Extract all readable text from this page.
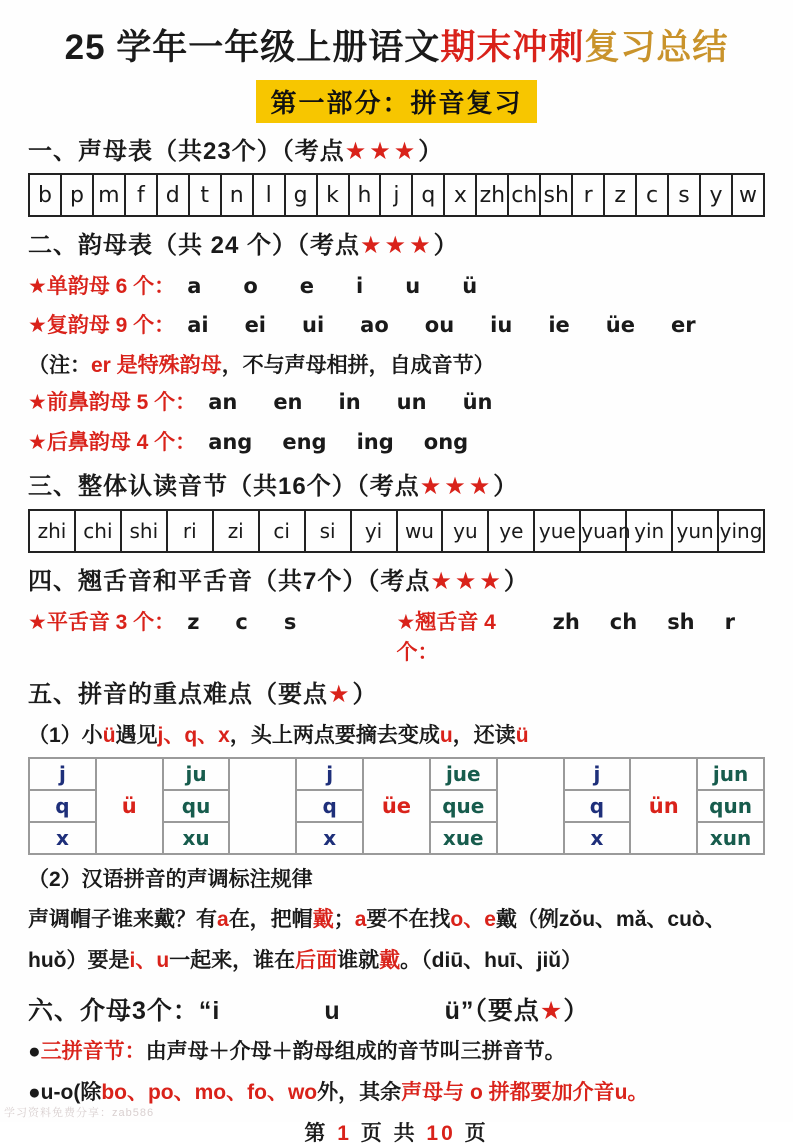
25 学年一年级上册语文期末冲刺复习总结
第一部分：拼音复习
一、声母表（共23个）（考点★★★）
b	p	m	f	d	t	n	l	g	k	h	j	q	x	zh	ch	sh	r	z	c	s	y	w
二、韵母表（共 24 个）（考点★★★）
★单韵母 6 个： a o e i u ü
★复韵母 9 个： ai ei ui ao ou iu ie üe er
（注：er 是特殊韵母，不与声母相拼，自成音节）
★前鼻韵母 5 个： an en in un ün
★后鼻韵母 4 个： ang eng ing ong
三、整体认读音节（共16个）（考点★★★）
zhi	chi	shi	ri	zi	ci	si	yi	wu	yu	ye	yue	yuan	yin	yun	ying
四、翘舌音和平舌音（共7个）（考点★★★）
★平舌音 3 个： z c s	★翘舌音 4 个：
zh ch sh r
五、拼音的重点难点（要点★）
（1）小ü遇见j、q、x，头上两点要摘去变成u，还读ü
j	ü	ju		j	üe	jue		j	ün	jun
q		qu		q		que		q		qun
x		xu		x		xue		x		xun
（2）汉语拼音的声调标注规律
声调帽子谁来戴？有a在，把帽戴；a要不在找o、e戴（例zǒu、mǎ、cuò、huǒ）要是i、u一起来，谁在后面谁就戴。（diū、huī、jiǔ）
六、介母3个：“i　　　　u　　　　ü”（要点★）
●三拼音节：由声母＋介母＋韵母组成的音节叫三拼音节。
●u-o(除bo、po、mo、fo、wo外，其余声母与 o 拼都要加介音u。
第 1 页 共 10 页
学习资料免费分享：zab586
